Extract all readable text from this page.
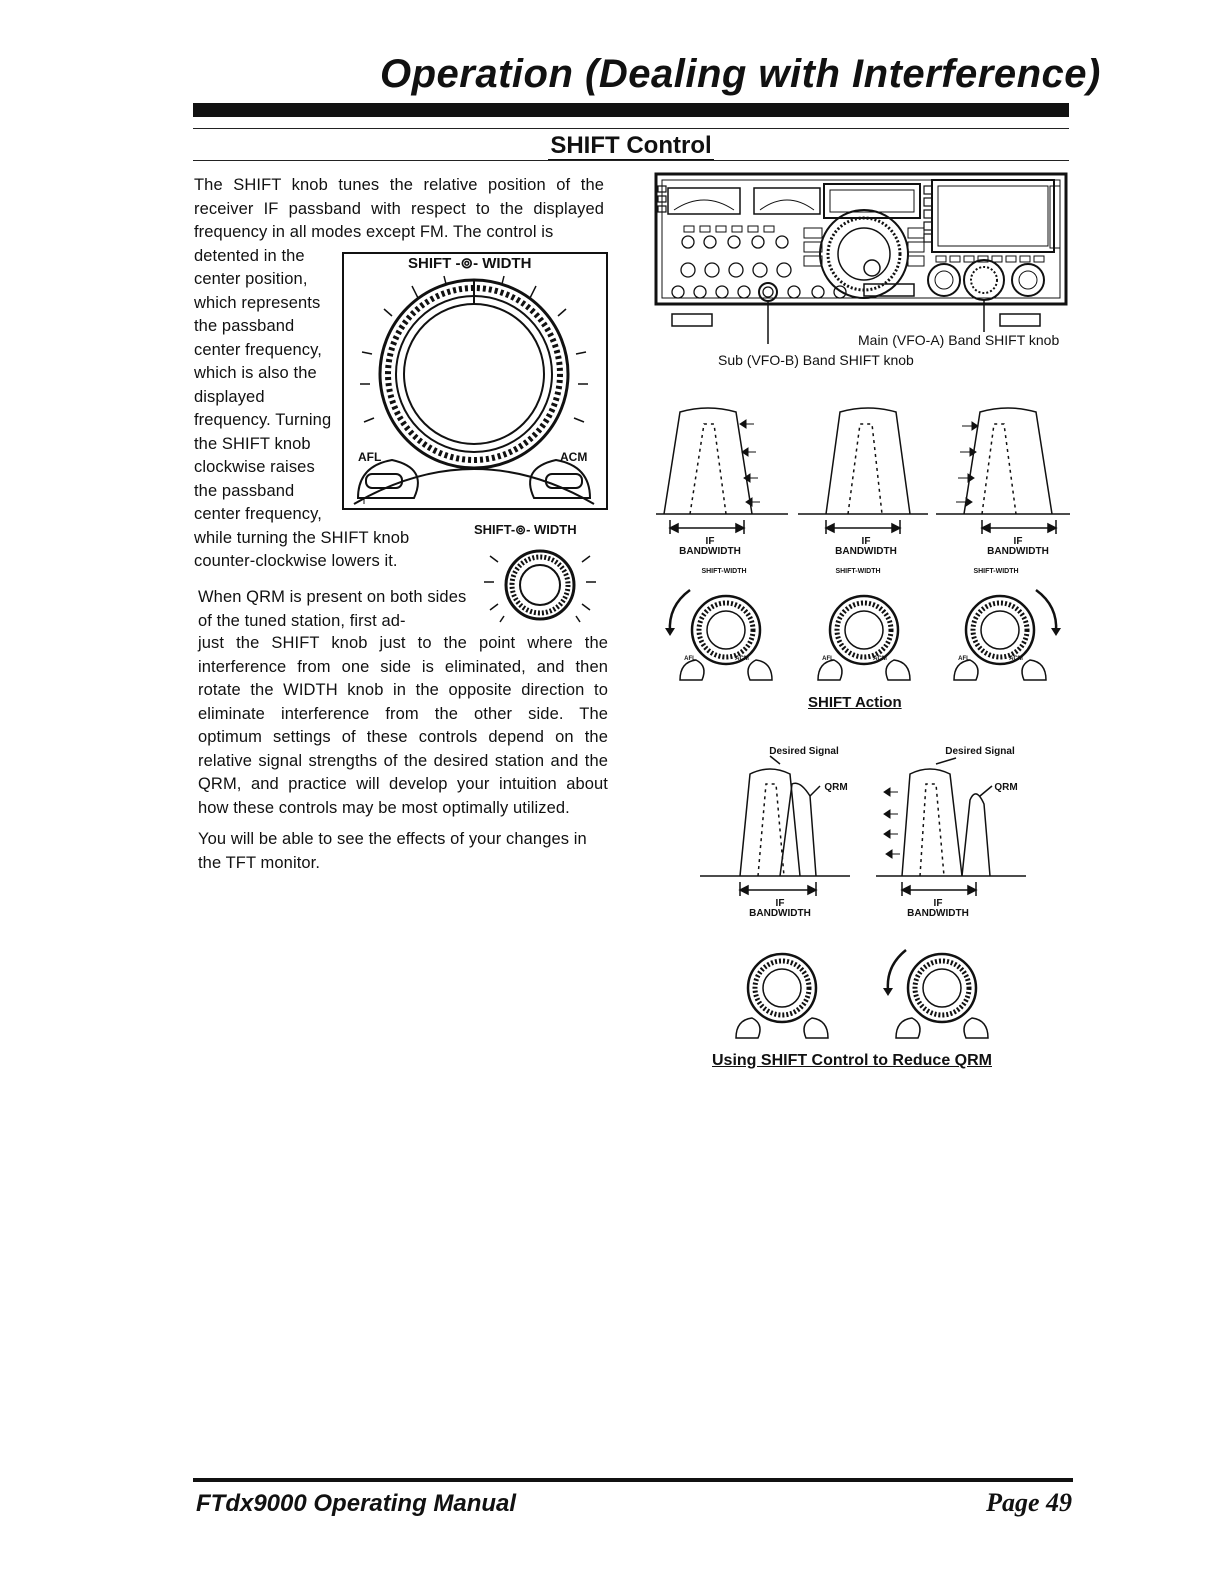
Operation (Dealing with Interference)
SHIFT Control
The SHIFT knob tunes the relative position of the receiver IF passband with respect to the displayed frequency in all modes except FM. The control is
detented in the center position, which represents the passband center frequency, which is also the displayed frequency. Turning the SHIFT knob clockwise raises the passband center frequency,
while turning the SHIFT knob counter-clockwise lowers it.
When QRM is present on both sides of the tuned station, first ad-
just the SHIFT knob just to the point where the interference from one side is eliminated, and then rotate the WIDTH knob in the opposite direction to eliminate interference from the other side. The optimum settings of these controls depend on the relative signal strengths of the desired station and the QRM, and practice will develop your intuition about how these controls may be most optimally utilized.
You will be able to see the effects of your changes in the TFT monitor.
SHIFT -⊚- WIDTH
AFL	ACM
SHIFT-⊚- WIDTH
Main (VFO-A) Band SHIFT knob
Sub (VFO-B) Band SHIFT knob
IF
BANDWIDTH
IF
BANDWIDTH
IF
BANDWIDTH
SHIFT-WIDTH	SHIFT-WIDTH	SHIFT-WIDTH
AFL	ACM	AFL	ACM	AFL	ACM
SHIFT Action
Desired Signal	Desired Signal
QRM	QRM
IF
BANDWIDTH
IF
BANDWIDTH
Using SHIFT Control to Reduce QRM
FTdx9000 Operating Manual	Page 49
